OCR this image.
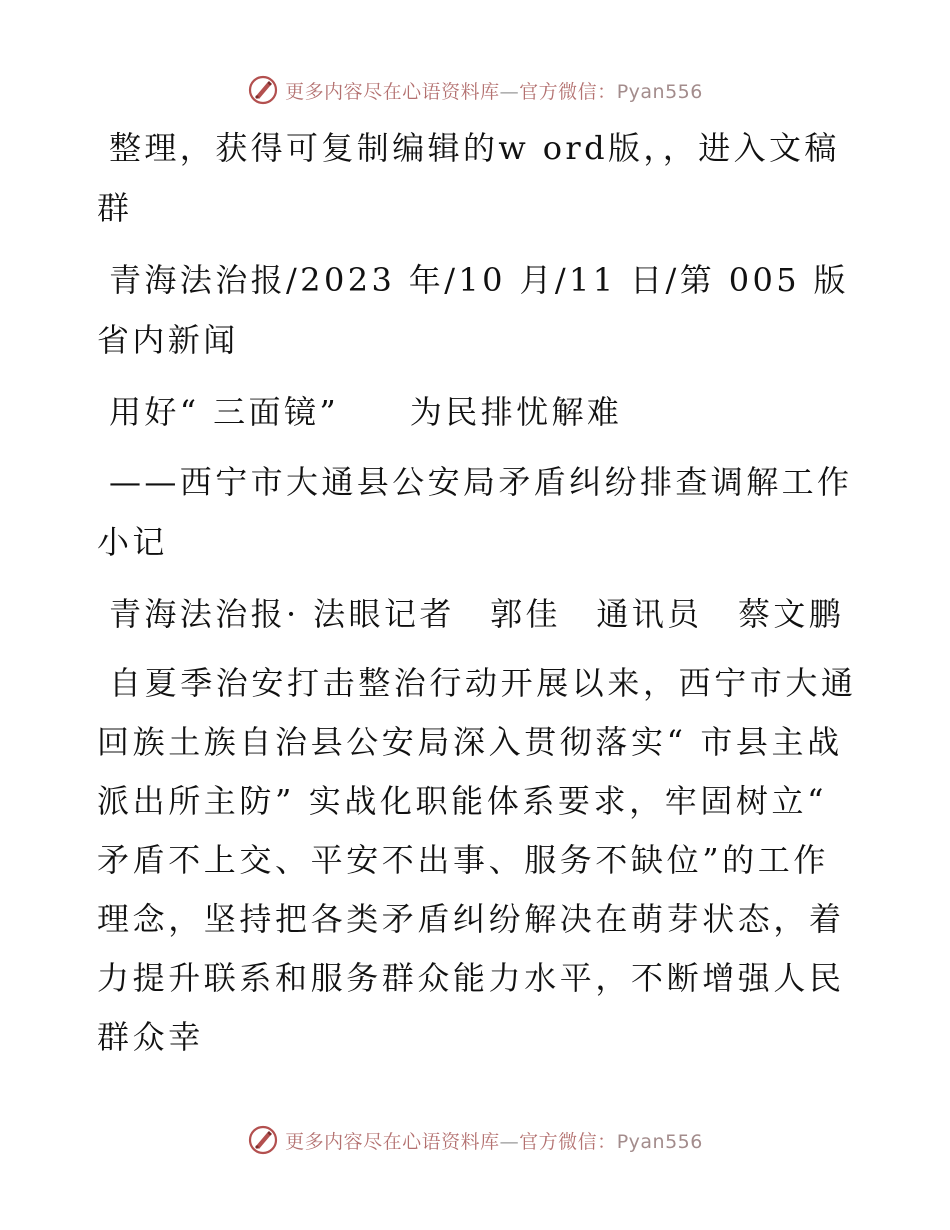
更多内容尽在心语资料库—官方微信：Pyan556

整理，获得可复制编辑的w ord版，，进入文稿群

青海法治报/2023 年/10 月/11 日/第 005 版省内新闻

用好“ 三面镜”　　为民排忧解难

——西宁市大通县公安局矛盾纠纷排查调解工作小记

青海法治报· 法眼记者　郭佳　通讯员　蔡文鹏

自夏季治安打击整治行动开展以来，西宁市大通回族土族自治县公安局深入贯彻落实“ 市县主战派出所主防” 实战化职能体系要求，牢固树立“ 矛盾不上交、平安不出事、服务不缺位”的工作理念，坚持把各类矛盾纠纷解决在萌芽状态，着力提升联系和服务群众能力水平，不断增强人民群众幸

更多内容尽在心语资料库—官方微信：Pyan556
